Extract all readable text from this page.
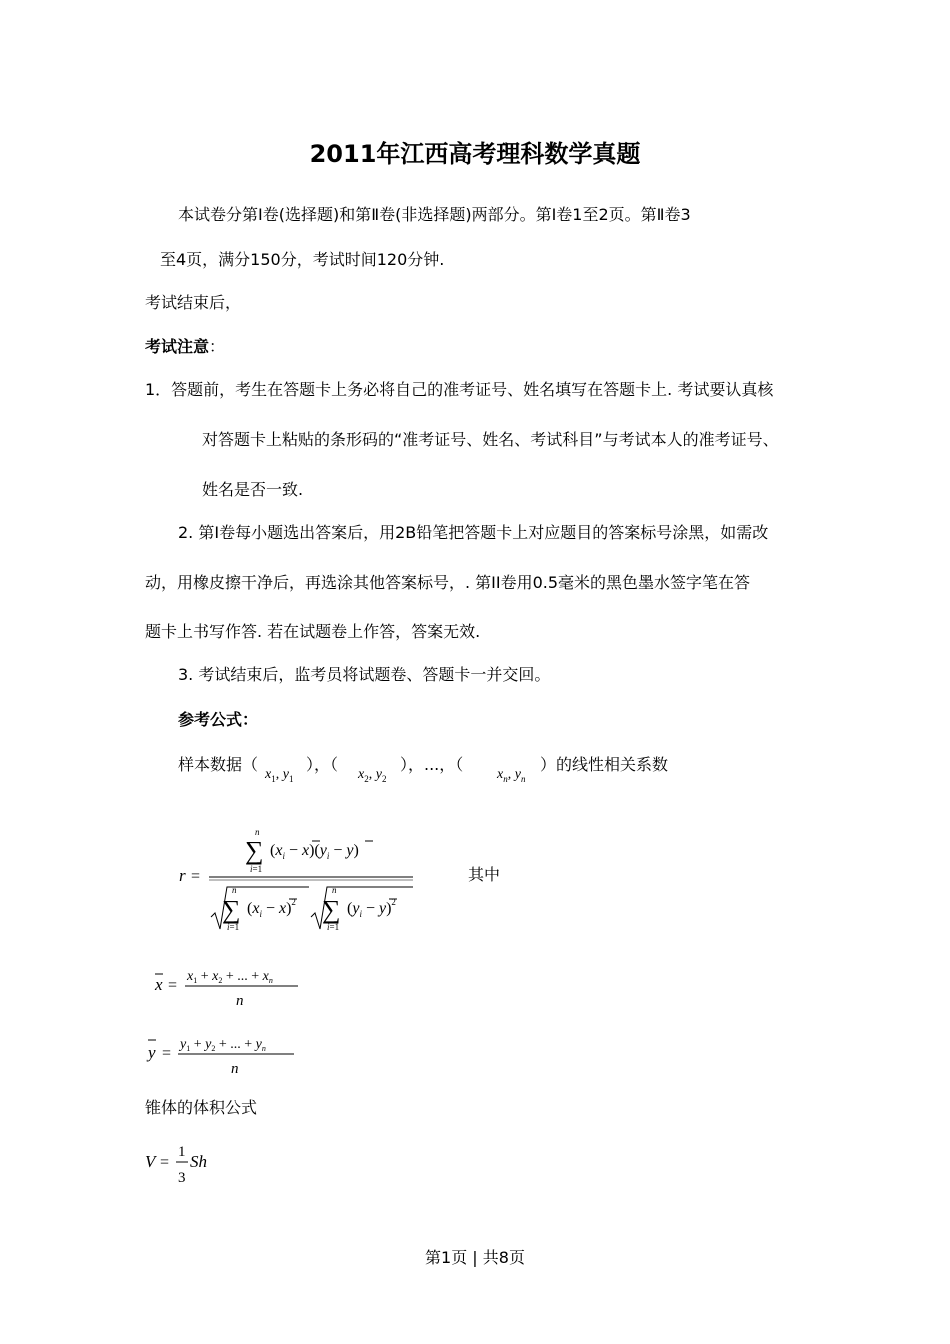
2011年江西高考理科数学真题
本试卷分第Ⅰ卷(选择题)和第Ⅱ卷(非选择题)两部分。第Ⅰ卷1至2页。第Ⅱ卷3
至4页，满分150分，考试时间120分钟.
考试结束后，
考试注意：
1．答题前，考生在答题卡上务必将自己的准考证号、姓名填写在答题卡上. 考试要认真核
对答题卡上粘贴的条形码的“准考证号、姓名、考试科目”与考试本人的准考证号、
姓名是否一致.
2. 第Ⅰ卷每小题选出答案后，用2B铅笔把答题卡上对应题目的答案标号涂黑，如需改
动，用橡皮擦干净后，再选涂其他答案标号，. 第II卷用0.5毫米的黑色墨水签字笔在答
题卡上书写作答. 若在试题卷上作答，答案无效.
3. 考试结束后，监考员将试题卷、答题卡一并交回。
参考公式：
样本数据（
$x_1$, $y_1$
），（
$x_2$, $y_2$
），...，（
$x_n$, $y_n$
）的线性相关系数
r =
n
∑
i=1
$(x_i - x)(y_i - y)$
n
∑
i=1
$(x_i - x)^2$
n
∑
i=1
$(y_i - y)^2$
其中
x =
$x_1 + x_2$ + ... + $x_n$
n
y =
$y_1 + y_2$ + ... + $y_n$
n
锥体的体积公式
V =
1
3
Sh
第1页 | 共8页
